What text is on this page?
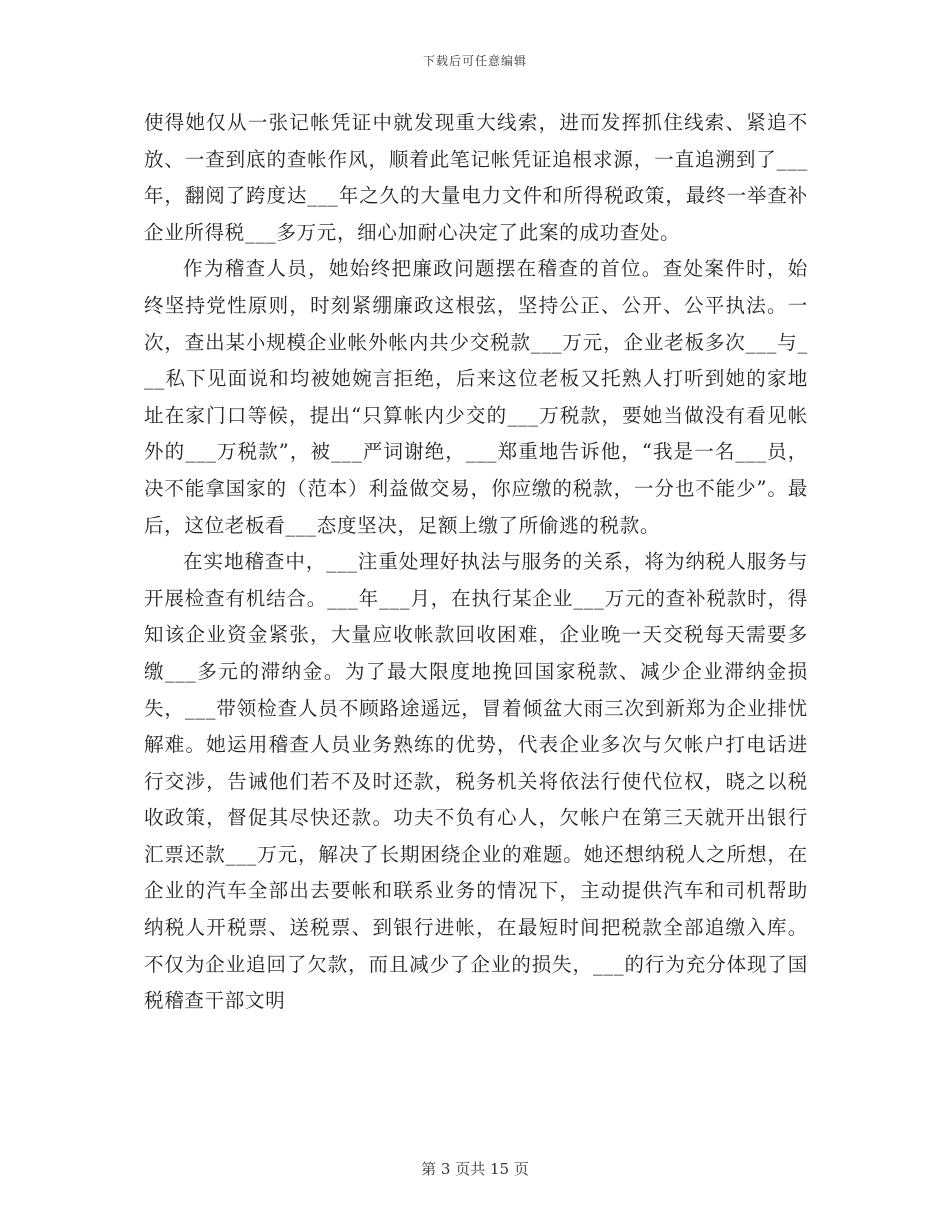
下载后可任意编辑

使得她仅从一张记帐凭证中就发现重大线索，进而发挥抓住线索、紧追不放、一查到底的查帐作风，顺着此笔记帐凭证追根求源，一直追溯到了___年，翻阅了跨度达___年之久的大量电力文件和所得税政策，最终一举查补企业所得税___多万元，细心加耐心决定了此案的成功查处。

作为稽查人员，她始终把廉政问题摆在稽查的首位。查处案件时，始终坚持党性原则，时刻紧绷廉政这根弦，坚持公正、公开、公平执法。一次，查出某小规模企业帐外帐内共少交税款___万元，企业老板多次___与___私下见面说和均被她婉言拒绝，后来这位老板又托熟人打听到她的家地址在家门口等候，提出“只算帐内少交的___万税款，要她当做没有看见帐外的___万税款”，被___严词谢绝，___郑重地告诉他，“我是一名___员，决不能拿国家的（范本）利益做交易，你应缴的税款，一分也不能少”。最后，这位老板看___态度坚决，足额上缴了所偷逃的税款。

在实地稽查中，___注重处理好执法与服务的关系，将为纳税人服务与开展检查有机结合。___年___月，在执行某企业___万元的查补税款时，得知该企业资金紧张，大量应收帐款回收困难，企业晚一天交税每天需要多缴___多元的滞纳金。为了最大限度地挽回国家税款、减少企业滞纳金损失，___带领检查人员不顾路途遥远，冒着倾盆大雨三次到新郑为企业排忧解难。她运用稽查人员业务熟练的优势，代表企业多次与欠帐户打电话进行交涉，告诫他们若不及时还款，税务机关将依法行使代位权，晓之以税收政策，督促其尽快还款。功夫不负有心人，欠帐户在第三天就开出银行汇票还款___万元，解决了长期困绕企业的难题。她还想纳税人之所想，在企业的汽车全部出去要帐和联系业务的情况下，主动提供汽车和司机帮助纳税人开税票、送税票、到银行进帐，在最短时间把税款全部追缴入库。不仅为企业追回了欠款，而且减少了企业的损失，___的行为充分体现了国税稽查干部文明

第 3 页共 15 页
